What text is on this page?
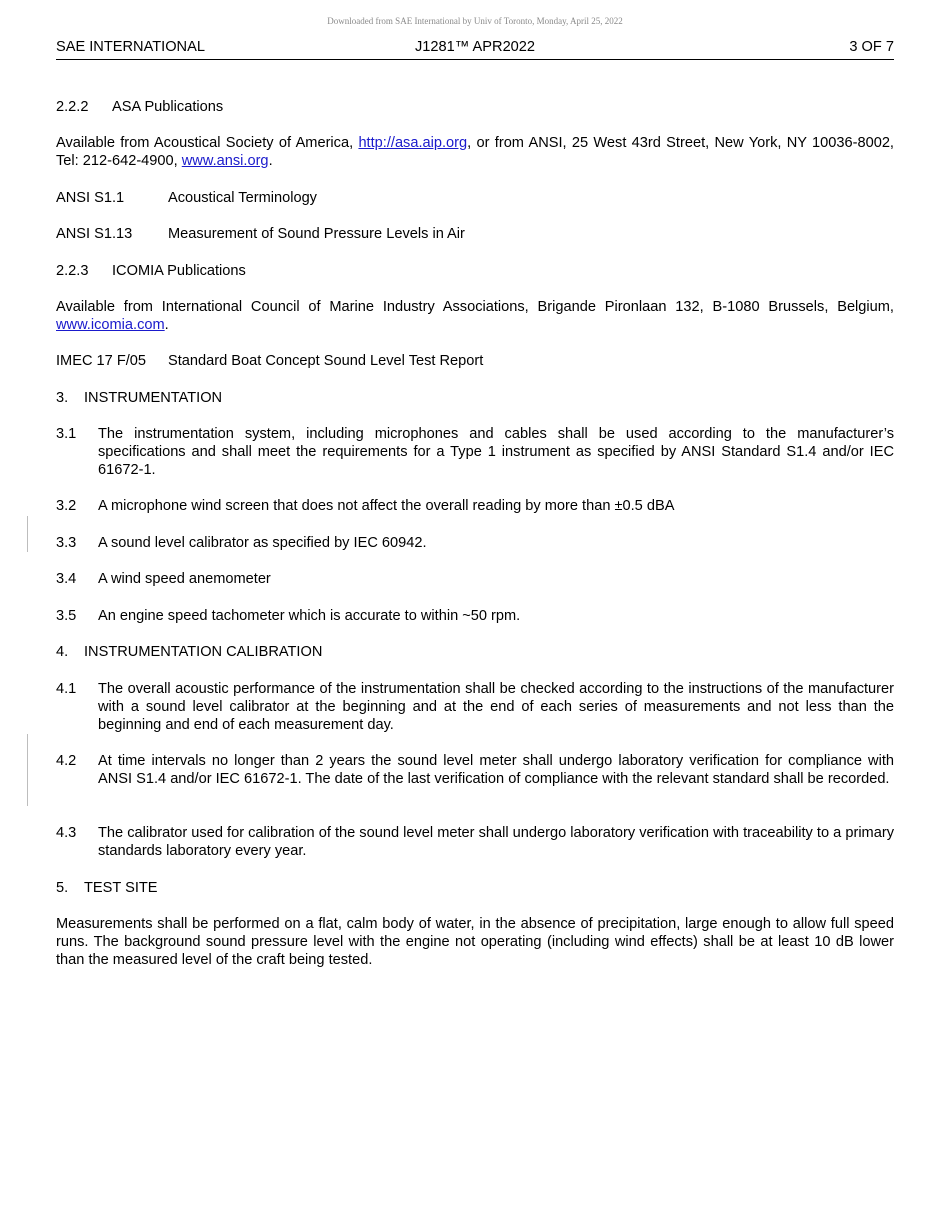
Downloaded from SAE International by Univ of Toronto, Monday, April 25, 2022
SAE INTERNATIONAL	J1281™ APR2022	3 OF 7
2.2.2 ASA Publications
Available from Acoustical Society of America, http://asa.aip.org, or from ANSI, 25 West 43rd Street, New York, NY 10036-8002, Tel: 212-642-4900, www.ansi.org.
ANSI S1.1	Acoustical Terminology
ANSI S1.13 Measurement of Sound Pressure Levels in Air
2.2.3 ICOMIA Publications
Available from International Council of Marine Industry Associations, Brigande Pironlaan 132, B-1080 Brussels, Belgium, www.icomia.com.
IMEC 17 F/05 Standard Boat Concept Sound Level Test Report
3. INSTRUMENTATION
3.1	The instrumentation system, including microphones and cables shall be used according to the manufacturer’s specifications and shall meet the requirements for a Type 1 instrument as specified by ANSI Standard S1.4 and/or IEC 61672-1.
3.2	A microphone wind screen that does not affect the overall reading by more than ±0.5 dBA
3.3	A sound level calibrator as specified by IEC 60942.
3.4	A wind speed anemometer
3.5	An engine speed tachometer which is accurate to within ~50 rpm.
4. INSTRUMENTATION CALIBRATION
4.1	The overall acoustic performance of the instrumentation shall be checked according to the instructions of the manufacturer with a sound level calibrator at the beginning and at the end of each series of measurements and not less than the beginning and end of each measurement day.
4.2	At time intervals no longer than 2 years the sound level meter shall undergo laboratory verification for compliance with ANSI S1.4 and/or IEC 61672-1. The date of the last verification of compliance with the relevant standard shall be recorded.
4.3	The calibrator used for calibration of the sound level meter shall undergo laboratory verification with traceability to a primary standards laboratory every year.
5. TEST SITE
Measurements shall be performed on a flat, calm body of water, in the absence of precipitation, large enough to allow full speed runs. The background sound pressure level with the engine not operating (including wind effects) shall be at least 10 dB lower than the measured level of the craft being tested.
